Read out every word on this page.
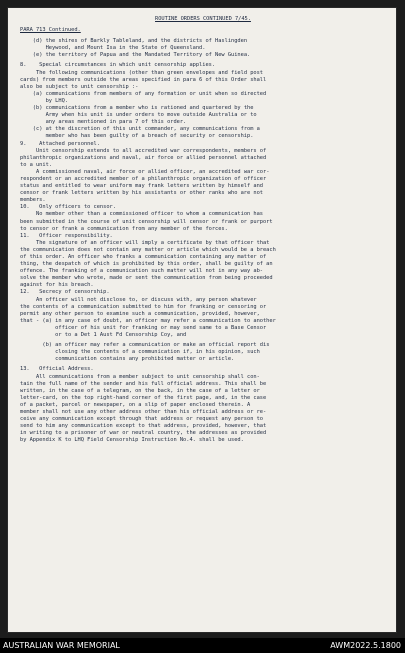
ROUTINE ORDERS CONTINUED 7/45.

PARA 713 Continued.

(d) the shires of Barkly Tableland, and the districts of Haslingden

Heywood, and Mount Isa in the State of Queensland.

(e) the territory of Papua and the Mandated Territory of New Guinea.

8.    Special circumstances in which unit censorship applies.

The following communications (other than green envelopes and field post

cards) from members outside the areas specified in para 6 of this Order shall

also be subject to unit censorship :-

(a) communications from members of any formation or unit when so directed

by LHQ.

(b) communications from a member who is rationed and quartered by the

Army when his unit is under orders to move outside Australia or to

any areas mentioned in para 7 of this order.

(c) at the discretion of this unit commander, any communications from a

member who has been guilty of a breach of security or censorship.

9.    Attached personnel.

Unit censorship extends to all accredited war correspondents, members of

philanthropic organizations and naval, air force or allied personnel attached

to a unit.

A commissioned naval, air force or allied officer, an accredited war cor-

respondent or an accredited member of a philanthropic organization of officer

status and entitled to wear uniform may frank letters written by himself and

censor or frank letters written by his assistants or other ranks who are not

members.

10.   Only officers to censor.

No member other than a commissioned officer to whom a communication has

been submitted in the course of unit censorship will censor or frank or purport

to censor or frank a communication from any member of the forces.

11.   Officer responsibility.

The signature of an officer will imply a certificate by that officer that

the communication does not contain any matter or article which would be a breach

of this order. An officer who franks a communication containing any matter of

thing, the despatch of which is prohibited by this order, shall be guilty of an

offence. The franking of a communication such matter will not in any way ab-

solve the member who wrote, made or sent the communication from being proceeded

against for his breach.

12.   Secrecy of censorship.

An officer will not disclose to, or discuss with, any person whatever

the contents of a communication submitted to him for franking or censoring or

permit any other person to examine such a communication, provided, however,

that - (a) in any case of doubt, an officer may refer a communication to another

officer of his unit for franking or may send same to a Base Censor

or to a Det 1 Aust Fd Censorship Coy, and

(b) an officer may refer a communication or make an official report dis

closing the contents of a communication if, in his opinion, such

communication contains any prohibited matter or article.

13.   Official Address.

All communications from a member subject to unit censorship shall con-

tain the full name of the sender and his full official address. This shall be

written, in the case of a telegram, on the back, in the case of a letter or

letter-card, on the top right-hand corner of the first page, and, in the case

of a packet, parcel or newspaper, on a slip of paper enclosed therein. A

member shall not use any other address other than his official address or re-

ceive any communication except through that address or request any person to

send to him any communication except to that address, provided, however, that

in writing to a prisoner of war or neutral country, the addresses as provided

by Appendix K to LHQ Field Censorship Instruction No.4. shall be used.

AUSTRALIAN WAR MEMORIAL	AWM2022.5.1800
